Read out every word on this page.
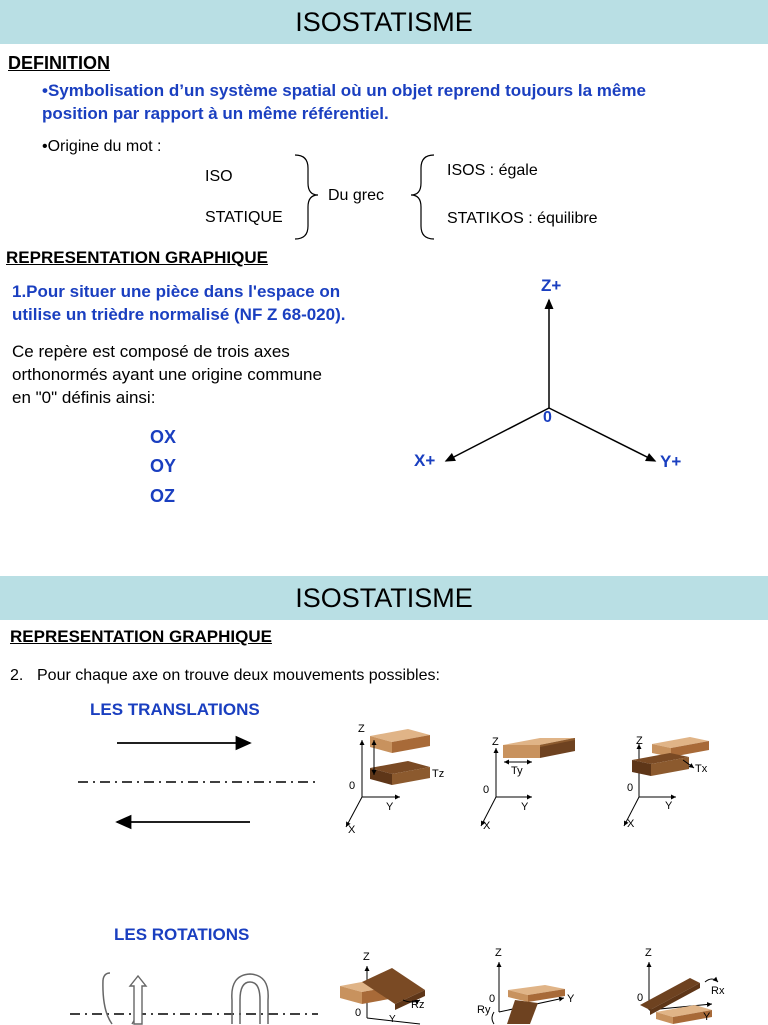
ISOSTATISME
DEFINITION
•Symbolisation d’un système spatial où un objet reprend toujours la même
position par rapport à un même référentiel.
•Origine du mot :
ISO
STATIQUE
Du grec
ISOS : égale
STATIKOS : équilibre
REPRESENTATION GRAPHIQUE
1.Pour situer une pièce dans l'espace on
utilise un trièdre normalisé (NF Z 68-020).
Ce repère est composé de trois axes
orthonormés ayant une origine commune
en "0" définis ainsi:
OX
OY
OZ
Z+
X+	Y+
0
ISOSTATISME
REPRESENTATION GRAPHIQUE
2. Pour chaque axe on trouve deux mouvements possibles:
LES TRANSLATIONS
LES ROTATIONS
Z
Y
X
0
Tz
Z
Y
X
0
Ty
Z
Y
X
0
Tx
Z
Rz
Y
0
Z
Y
Ry
0
Z
Rx
Y
0
